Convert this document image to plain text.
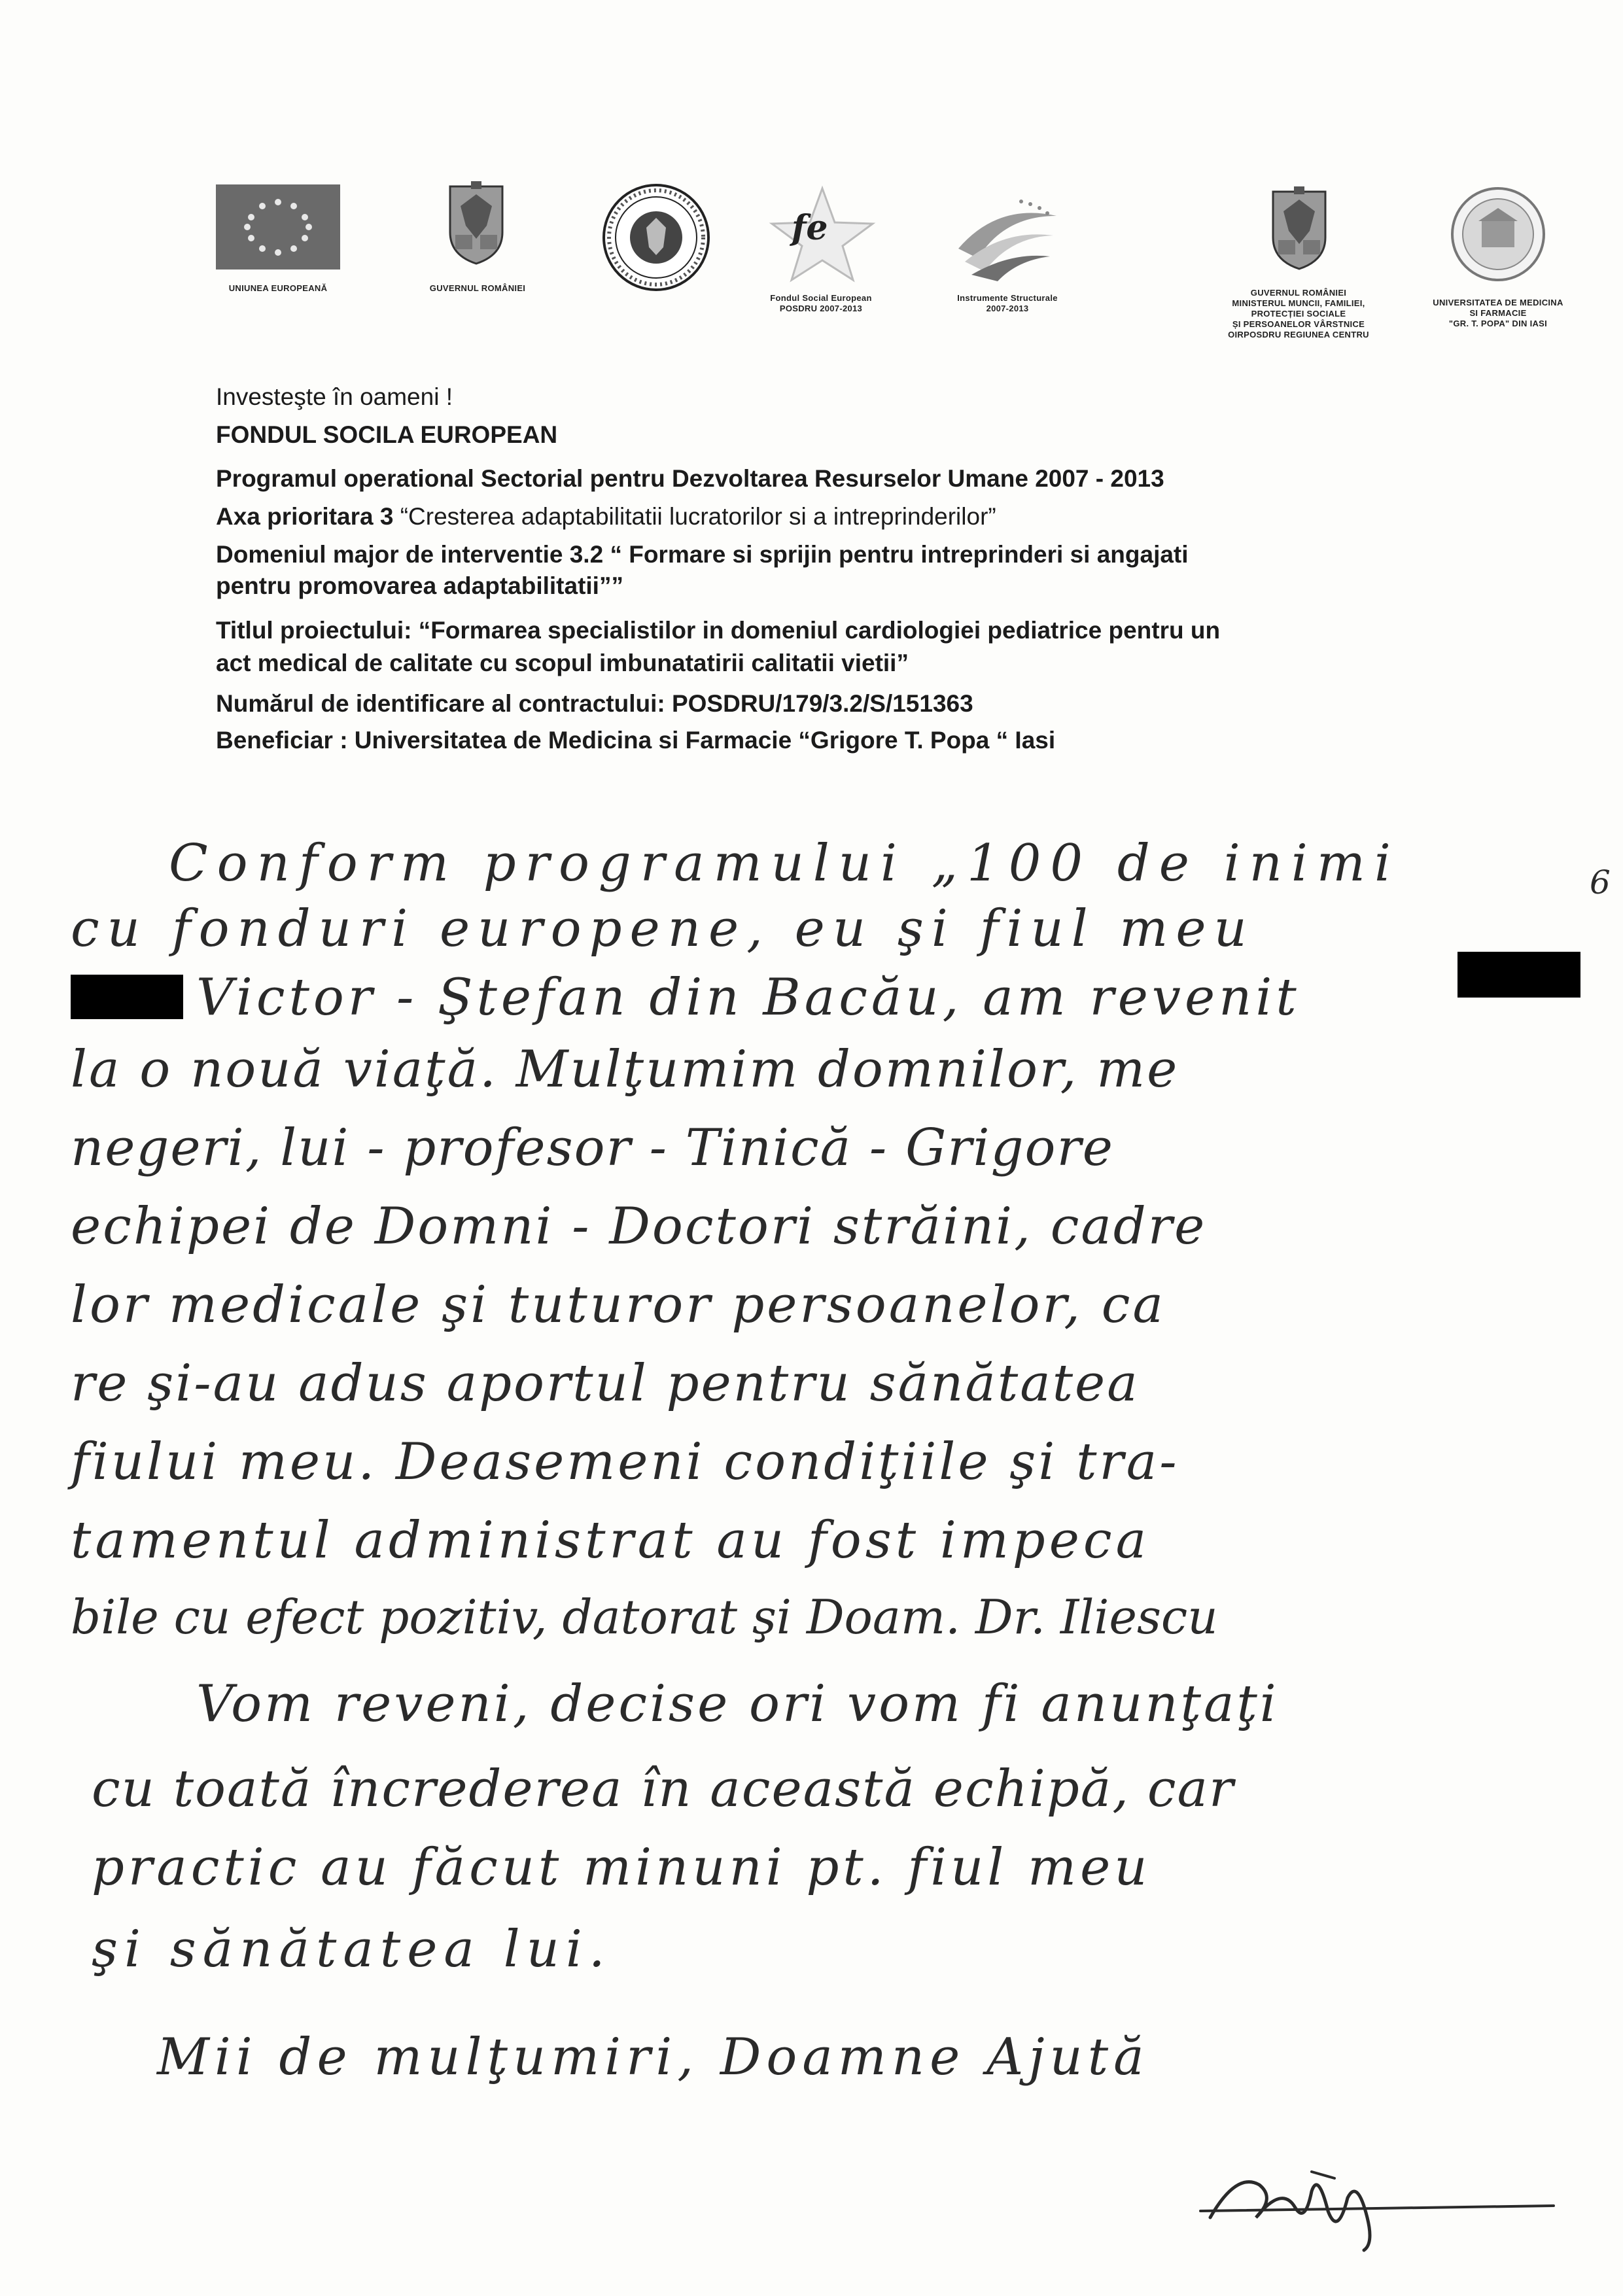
UNIUNEA EUROPEANĂ	GUVERNUL ROMÂNIEI
fe
Fondul Social European
POSDRU 2007-2013
Instrumente Structurale
2007-2013
GUVERNUL ROMÂNIEI
MINISTERUL MUNCII, FAMILIEI,
PROTECȚIEI SOCIALE
ȘI PERSOANELOR VÂRSTNICE
OIRPOSDRU REGIUNEA CENTRU
UNIVERSITATEA DE MEDICINA
SI FARMACIE
"GR. T. POPA" DIN IASI
Investeşte în oameni !
FONDUL SOCILA EUROPEAN
Programul operational Sectorial pentru Dezvoltarea Resurselor Umane 2007 - 2013
Axa prioritara 3 “Cresterea adaptabilitatii lucratorilor si a intreprinderilor”
Domeniul major de interventie 3.2 “ Formare si sprijin pentru intreprinderi si angajati
pentru promovarea adaptabilitatii””
Titlul proiectului: “Formarea specialistilor in domeniul cardiologiei pediatrice pentru un
act medical de calitate cu scopul imbunatatirii calitatii vietii”
Numărul de identificare al contractului: POSDRU/179/3.2/S/151363
Beneficiar : Universitatea de Medicina si Farmacie “Grigore T. Popa “ Iasi
Conform programului „100 de inimi	6
cu fonduri europene, eu şi fiul meu
Victor - Ştefan din Bacău, am revenit
la o nouă viaţă. Mulţumim domnilor, me
negeri, lui - profesor - Tinică - Grigore
echipei de Domni - Doctori străini, cadre
lor medicale şi tuturor persoanelor, ca
re şi-au adus aportul pentru sănătatea
fiului meu. Deasemeni condiţiile şi tra-
tamentul administrat au fost impeca
bile cu efect pozitiv, datorat şi Doam. Dr. Iliescu
Vom reveni, decise ori vom fi anunţaţi
cu toată încrederea în această echipă, car
practic au făcut minuni pt. fiul meu
şi sănătatea lui.
Mii de mulţumiri, Doamne Ajută
